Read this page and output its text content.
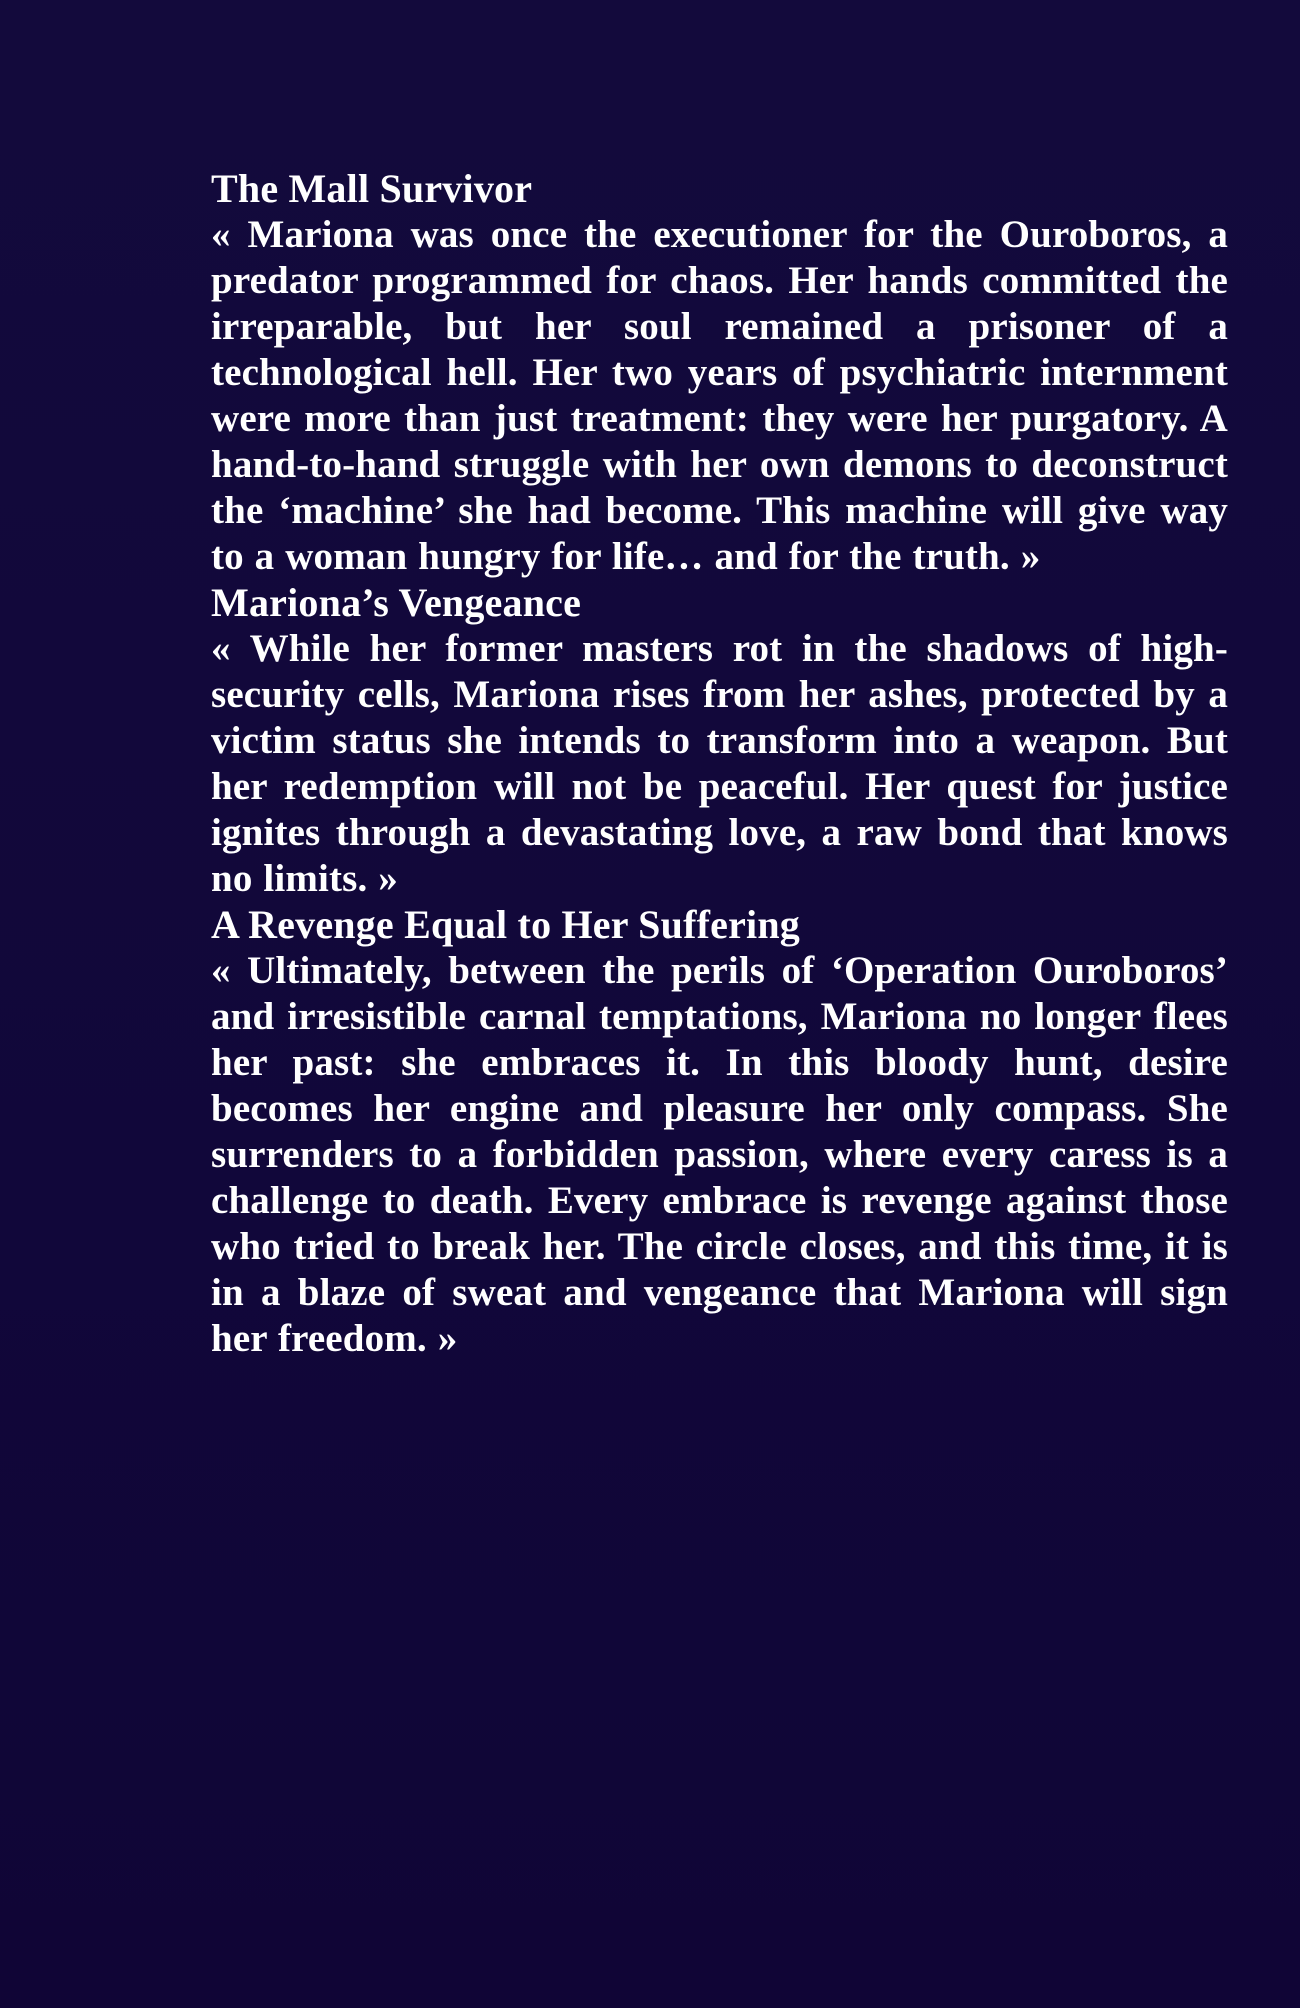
The Mall Survivor

« Mariona was once the executioner for the Ouroboros, a predator programmed for chaos. Her hands committed the irreparable, but her soul remained a prisoner of a technological hell. Her two years of psychiatric internment were more than just treatment: they were her purgatory. A hand-to-hand struggle with her own demons to deconstruct the ‘machine’ she had become. This machine will give way to a woman hungry for life… and for the truth. »

Mariona’s Vengeance

« While her former masters rot in the shadows of high-security cells, Mariona rises from her ashes, protected by a victim status she intends to transform into a weapon. But her redemption will not be peaceful. Her quest for justice ignites through a devastating love, a raw bond that knows no limits. »

A Revenge Equal to Her Suffering

« Ultimately, between the perils of ‘Operation Ouroboros’ and irresistible carnal temptations, Mariona no longer flees her past: she embraces it. In this bloody hunt, desire becomes her engine and pleasure her only compass. She surrenders to a forbidden passion, where every caress is a challenge to death. Every embrace is revenge against those who tried to break her. The circle closes, and this time, it is in a blaze of sweat and vengeance that Mariona will sign her freedom. »
